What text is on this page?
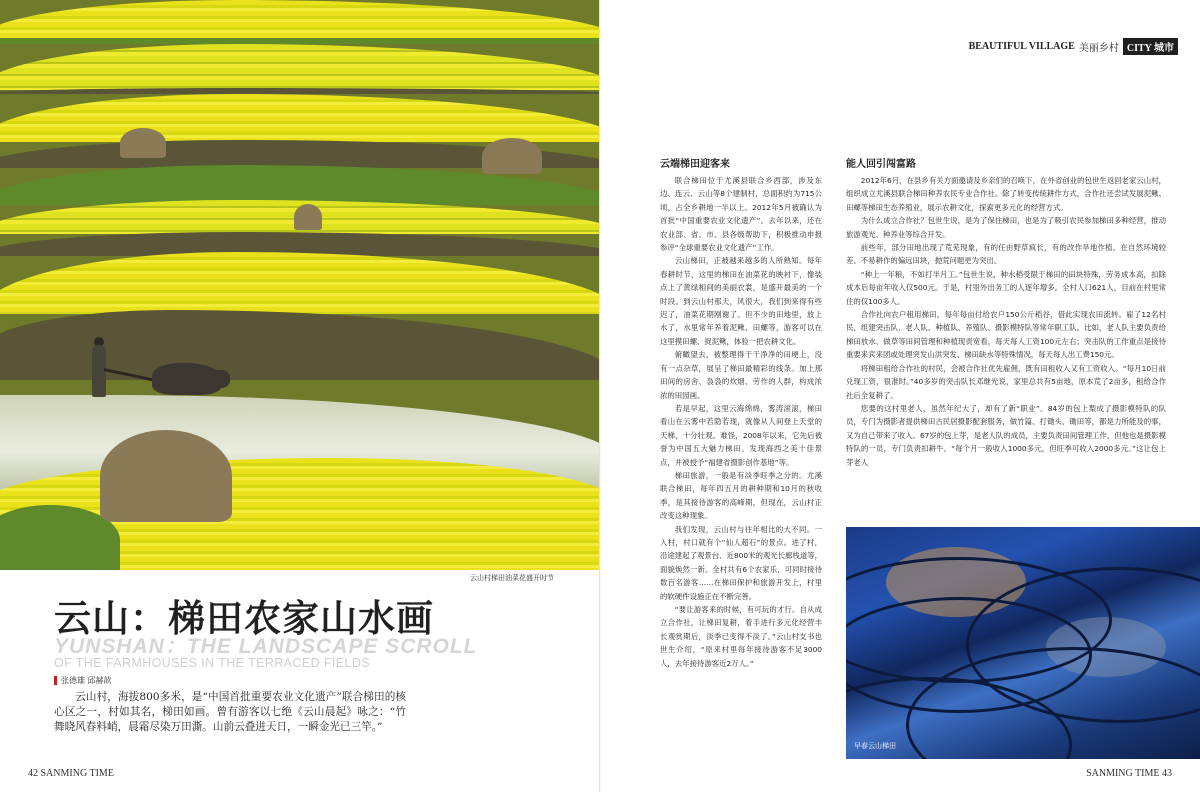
云山村梯田油菜花盛开时节
云山：梯田农家山水画
YUNSHAN：THE LANDSCAPE SCROLL
OF THE FARMHOUSES IN THE TERRACED FIELDS
张德雄 邱赫歆
云山村，海拔800多米，是“中国首批重要农业文化遗产”联合梯田的核心区之一，村如其名，梯田如画。曾有游客以七绝《云山晨起》咏之：“竹舞晓风春料峭，晨霜尽染万田澌。山前云叠进天日，一瞬金光已三竿。”
42 SANMING TIME
BEAUTIFUL VILLAGE 美丽乡村 CITY 城市
云端梯田迎客来

联合梯田位于尤溪县联合乡西部，涉及东边、连云、云山等8个建制村，总面积约为715公顷，占全乡耕地一半以上。2012年5月被确认为首批“中国重要农业文化遗产”。去年以来，还在农业部、省、市、县各级帮助下，积极推动申报参评“全球重要农业文化遗产”工作。

云山梯田，正被越来越多的人所熟知。每年春耕时节，这里的梯田在油菜花的映衬下，像装点上了黄绿相间的美丽衣裳，是盛开最美的一个时段。到云山村那天，风很大，我们到来得有些迟了，油菜花期刚谢了。但不少的田地里，放上水了，水里常年养着泥鳅、田螺等，游客可以在这里摸田螺、捉泥鳅，体验一把农耕文化。

俯瞰望去，被整理得干干净净的田埂上，没有一点杂草，展呈了梯田最精彩的线条。加上那田间的房舍、袅袅的炊烟、劳作的人群，构成浓浓的田园画。

若是早起，这里云海绵绵，雾涛滚滚，梯田看山在云雾中若隐若现，就像从人间登上天堂的天梯，十分壮观。难怪，2008年以来，它先后被誉为中国五大魅力梯田、发现海西之美十佳景点，并被授予“福建省摄影创作基地”等。

梯田旅游，一般是有淡季旺季之分的。尤溪联合梯田，每年四五月的耕种期和10月的秋收季，是其接待游客的高峰期，但现在，云山村正改变这种现象。

我们发现，云山村与往年相比的大不同。一入村，村口就有个“仙人超石”的景点。进了村，沿途建起了观景台、近800米的观光长廊栈道等，面貌焕然一新。全村共有6个农家乐，可同时接待数百名游客……在梯田保护和旅游开发上，村里的软硬件设施正在不断完善。

“要让游客来的时候，有可玩的才行。自从成立合作社，让梯田复耕，着手进行多元化经营丰长观赏期后，淡季已变得不淡了。”云山村支书也世生介绍，“原来村里每年接待游客不足3000人，去年接待游客近2万人。”

能人回引闯富路

2012年6月，在县乡有关方面邀请及乡亲们的召唤下，在外省创业的包世生返回老家云山村，组织成立尤溪县联合梯田种养农民专业合作社。除了转变传统耕作方式，合作社还尝试发展泥鳅、田螺等梯田生态养殖业，展示农耕文化，探索更多元化的经营方式。

为什么成立合作社？包世生说，是为了保住梯田，也是为了吸引农民参加梯田多种经营，推动旅游观光、种养业等综合开发。

前些年，部分田地出现了荒芜现象，有的任由野草疯长，有的改作旱地作植。在自然环境较差、不易耕作的偏远田块，抛荒问题更为突出。

“种上一年粮，不如打半月工。”包世生说，种水稻受限于梯田的田块特殊，劳务成本高，扣除成本后每亩年收入仅500元。于是，村里外出务工的人逐年增多。全村人口621人，目前在村里常住的仅100多人。

合作社向农户租用梯田，每年每亩付给农户150公斤稻谷，借此实现农田流转。雇了12名村民，组建突击队、老人队、种植队、养殖队、摄影模特队等常年职工队。比如，老人队主要负责给梯田放水、做草等田间管理和种植现责宽看，每天每人工资100元左右；突击队的工作重点是接待重要来宾来团或处理突发山洪突发、梯田缺水等特殊情况，每天每人出工费150元。

将梯田租给合作社的村民，会被合作社优先雇佣，既有田租收入又有工资收入。“每月10日前兑现工资，很准时。”40多岁的突击队长邓继光说，家里总共有5亩地，原本荒了2亩多，租给合作社后全复耕了。

您要的这村里老人，虽然年纪大了，却有了新“职业”。84岁的包上梨成了摄影模特队的队员，专门为摄影者提供梯田古民居摄影配套服务，做竹篇、打锄头、锄田等，都是力所能及的事，又为自己带来了收入。67岁的包上芽，是老人队的成员，主要负责田间管理工作，但他也是摄影模特队的一员，专门负责扣耕牛。“每个月一般收入1000多元，但旺季可收入2000多元。”这让包上芽老人

早春云山梯田
SANMING TIME 43
